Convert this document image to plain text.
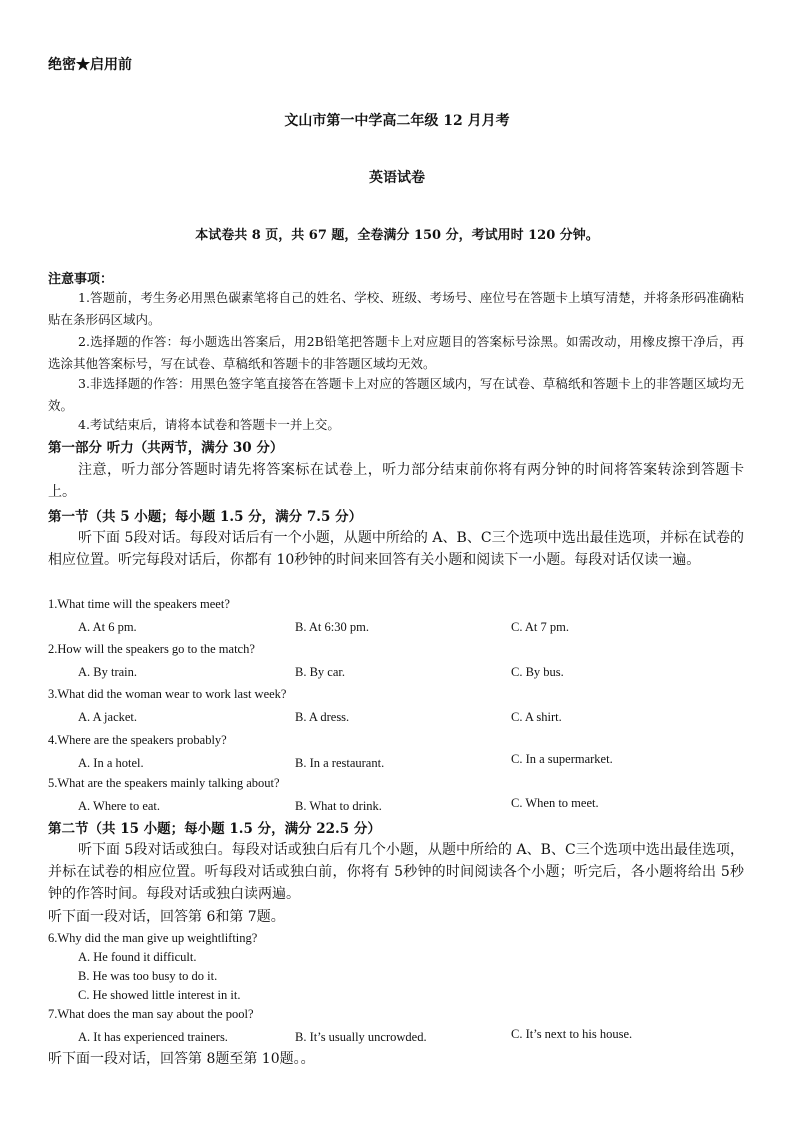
绝密★启用前
文山市第一中学高二年级 12 月月考
英语试卷
本试卷共 8 页，共 67 题，全卷满分 150 分，考试用时 120 分钟。
注意事项：
1.答题前，考生务必用黑色碳素笔将自己的姓名、学校、班级、考场号、座位号在答题卡上填写清楚，并将条形码准确粘贴在条形码区域内。
2.选择题的作答：每小题选出答案后，用2B铅笔把答题卡上对应题目的答案标号涂黑。如需改动，用橡皮擦干净后，再选涂其他答案标号，写在试卷、草稿纸和答题卡的非答题区域均无效。
3.非选择题的作答：用黑色签字笔直接答在答题卡上对应的答题区域内，写在试卷、草稿纸和答题卡上的非答题区域均无效。
4.考试结束后，请将本试卷和答题卡一并上交。
第一部分 听力（共两节，满分 30 分）
注意，听力部分答题时请先将答案标在试卷上，听力部分结束前你将有两分钟的时间将答案转涂到答题卡上。
第一节（共 5 小题；每小题 1.5 分，满分 7.5 分）
听下面 5段对话。每段对话后有一个小题，从题中所给的 A、B、C三个选项中选出最佳选项，并标在试卷的相应位置。听完每段对话后，你都有 10秒钟的时间来回答有关小题和阅读下一小题。每段对话仅读一遍。
1.What time will the speakers meet?
A. At 6 pm.	B. At 6:30 pm.	C. At 7 pm.
2.How will the speakers go to the match?
A. By train.	B. By car.	C. By bus.
3.What did the woman wear to work last week?
A. A jacket.	B. A dress.	C. A shirt.
4.Where are the speakers probably?
A. In a hotel.	B. In a restaurant.	C. In a supermarket.
5.What are the speakers mainly talking about?
A. Where to eat.	B. What to drink.	C. When to meet.
第二节（共 15 小题；每小题 1.5 分，满分 22.5 分）
听下面 5段对话或独白。每段对话或独白后有几个小题，从题中所给的 A、B、C三个选项中选出最佳选项，并标在试卷的相应位置。听每段对话或独白前，你将有 5秒钟的时间阅读各个小题；听完后，各小题将给出 5秒钟的作答时间。每段对话或独白读两遍。
听下面一段对话，回答第 6和第 7题。
6.Why did the man give up weightlifting?
A. He found it difficult.
B. He was too busy to do it.
C. He showed little interest in it.
7.What does the man say about the pool?
A. It has experienced trainers.	B. It’s usually uncrowded.	C. It’s next to his house.
听下面一段对话，回答第 8题至第 10题。。
